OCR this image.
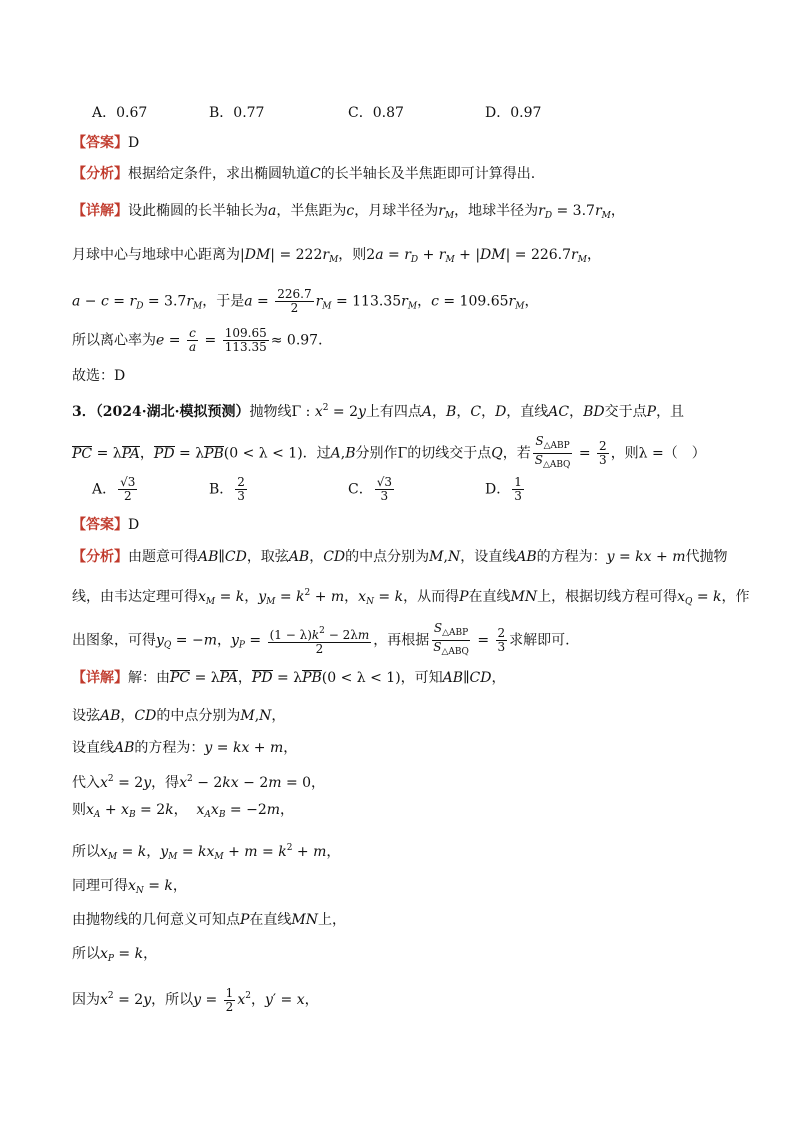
A．0.67	B．0.77	C．0.87	D．0.97
【答案】D
【分析】根据给定条件，求出椭圆轨道C的长半轴长及半焦距即可计算得出.
【详解】设此椭圆的长半轴长为a，半焦距为c，月球半径为$r_M$，地球半径为$r_D = 3.7r_M$，
月球中心与地球中心距离为$|DM| = 222r_M$，则$2a = r_D + r_M + |DM| = 226.7r_M$，
$a - c = r_D = 3.7r_M$，于是$a = \frac{226.7}{2} r_M = 113.35r_M$，$c = 109.65r_M$，
所以离心率为$e = \frac{c}{a} = \frac{109.65}{113.35} \approx 0.97$．
故选：D
3．（2024·湖北·模拟预测）抛物线Γ : $x^2 = 2y$上有四点A，B，C，D，直线AC，BD交于点P，且
PC = λPA，PD = λPB(0 < λ < 1)．过A,B分别作Γ的切线交于点Q，若 $\frac{S_{\triangle ABP}}{S_{\triangle ABQ}} = \frac{2}{3}$ ，则λ =（　）
A． $\frac{√3}{2}$	B． $\frac{2}{3}$	C． $\frac{√3}{3}$	D． $\frac{1}{3}$
【答案】D
【分析】由题意可得AB∥CD，取弦AB，CD的中点分别为M,N，设直线AB的方程为：y = kx + m代抛物
线，由韦达定理可得$x_M = k$，$y_M = k^2 + m$，$x_N = k$，从而得P在直线MN上，根据切线方程可得$x_Q = k$，作
出图象，可得$y_Q = -m$，$y_P = \frac{(1 - \lambda)k^2 - 2\lambda m}{2}$ ，再根据 $\frac{S_{\triangle ABP}}{S_{\triangle ABQ}} = \frac{2}{3}$ 求解即可.
【详解】解：由PC = λPA，PD = λPB(0 < λ < 1)，可知AB∥CD，
设弦AB，CD的中点分别为M,N，
设直线AB的方程为：y = kx + m，
代入$x^2 = 2y$，得$x^2 - 2kx - 2m = 0$，
则$x_A + x_B = 2k$，  $x_Ax_B = -2m$，
所以$x_M = k$，$y_M = kx_M + m = k^2 + m$，
同理可得$x_N = k$，
由抛物线的几何意义可知点P在直线MN上，
所以$x_P = k$，
因为$x^2 = 2y$，所以$y = \frac{1}{2} x^2$，y′ = x，
